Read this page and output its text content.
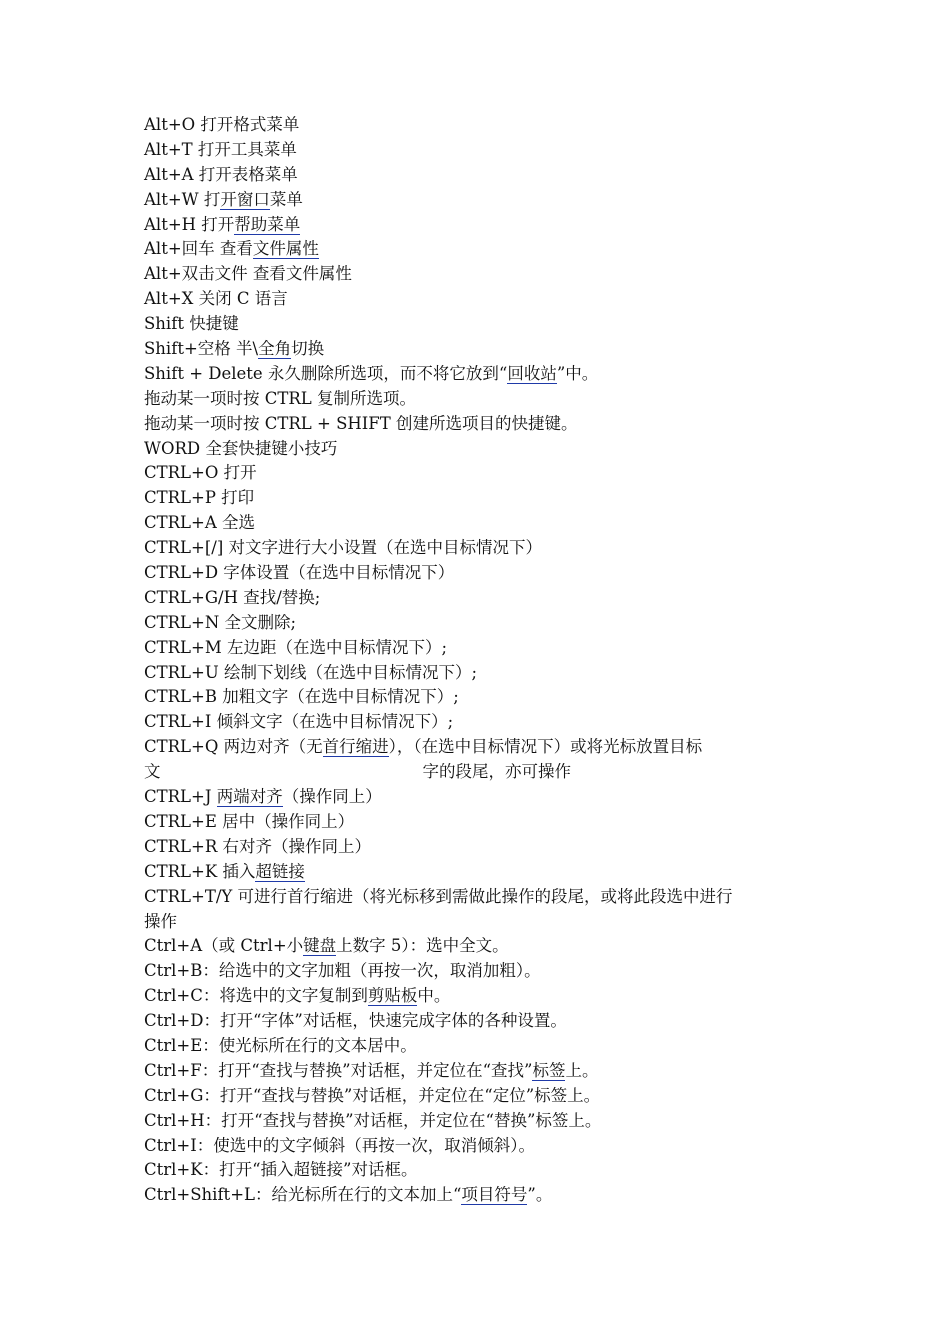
Alt+O 打开格式菜单
Alt+T 打开工具菜单
Alt+A 打开表格菜单
Alt+W 打开窗口菜单
Alt+H 打开帮助菜单
Alt+回车 查看文件属性
Alt+双击文件 查看文件属性
Alt+X 关闭 C 语言
Shift 快捷键
Shift+空格 半\全角切换
Shift + Delete 永久删除所选项，而不将它放到“回收站”中。
拖动某一项时按 CTRL 复制所选项。
拖动某一项时按 CTRL + SHIFT 创建所选项目的快捷键。
WORD 全套快捷键小技巧
CTRL+O 打开
CTRL+P 打印
CTRL+A 全选
CTRL+[/] 对文字进行大小设置（在选中目标情况下）
CTRL+D 字体设置（在选中目标情况下）
CTRL+G/H 查找/替换;
CTRL+N 全文删除;
CTRL+M 左边距（在选中目标情况下）;
CTRL+U 绘制下划线（在选中目标情况下）;
CTRL+B 加粗文字（在选中目标情况下）;
CTRL+I 倾斜文字（在选中目标情况下）;
CTRL+Q 两边对齐（无首行缩进），（在选中目标情况下）或将光标放置目标
文	字的段尾，亦可操作
CTRL+J 两端对齐（操作同上）
CTRL+E 居中（操作同上）
CTRL+R 右对齐（操作同上）
CTRL+K 插入超链接
CTRL+T/Y 可进行首行缩进（将光标移到需做此操作的段尾，或将此段选中进行
操作
Ctrl+A（或 Ctrl+小键盘上数字 5）：选中全文。
Ctrl+B：给选中的文字加粗（再按一次，取消加粗）。
Ctrl+C：将选中的文字复制到剪贴板中。
Ctrl+D：打开“字体”对话框，快速完成字体的各种设置。
Ctrl+E：使光标所在行的文本居中。
Ctrl+F：打开“查找与替换”对话框，并定位在“查找”标签上。
Ctrl+G：打开“查找与替换”对话框，并定位在“定位”标签上。
Ctrl+H：打开“查找与替换”对话框，并定位在“替换”标签上。
Ctrl+I：使选中的文字倾斜（再按一次，取消倾斜）。
Ctrl+K：打开“插入超链接”对话框。
Ctrl+Shift+L：给光标所在行的文本加上“项目符号”。
